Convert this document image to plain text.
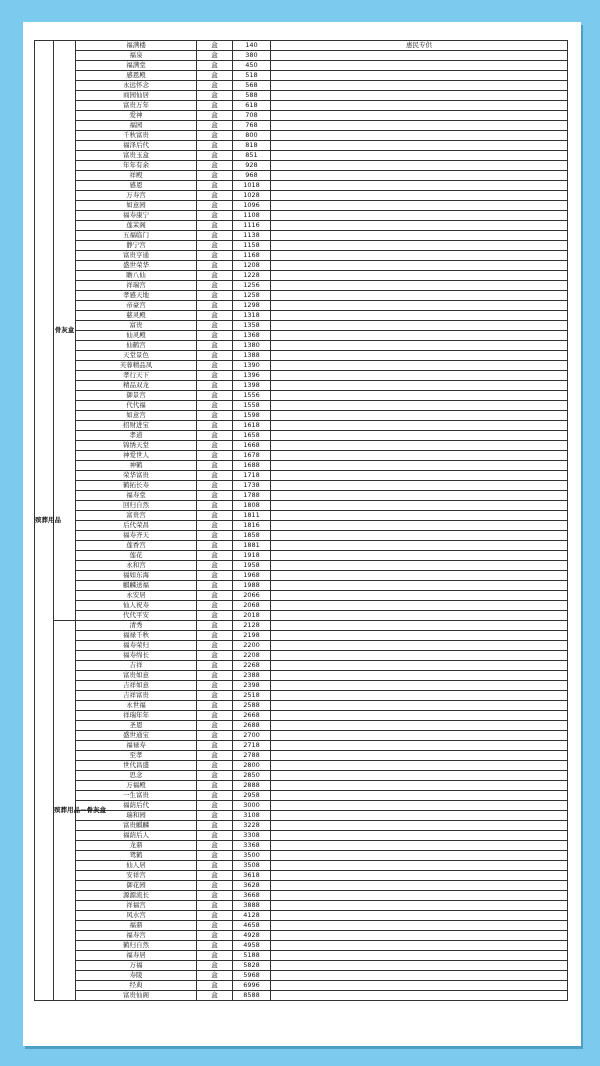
殡葬用品	骨灰盒	福满楼	盒	140	惠民专供
		福泉	盒	380	
		福满堂	盒	450	
		感恩殿	盒	518	
		永远怀念	盒	568	
		商园仙居	盒	588	
		富贵万年	盒	618	
		爱神	盒	708	
		福园	盒	768	
		千秋富贵	盒	800	
		福泽后代	盒	818	
		富贵玉盒	盒	851	
		年年有余	盒	928	
		祥殿	盒	968	
		感恩	盒	1018	
		万寿宫	盒	1028	
		如意园	盒	1096	
		福寿康宁	盒	1108	
		莲茉阁	盒	1116	
		五福临门	盒	1138	
		静宁宫	盒	1158	
		富贵亨通	盒	1168	
		盛世荣华	盒	1208	
		瞻八仙	盒	1228	
		祥瑞宫	盒	1256	
		孝感天地	盒	1258	
		帝豪宫	盒	1298	
		慈灵殿	盒	1318	
		富贵	盒	1358	
		仙灵殿	盒	1368	
		仙鹤宫	盒	1380	
		天堂景色	盒	1388	
		芙蓉精品凤	盒	1390	
		孝行天下	盒	1396	
		精品双龙	盒	1398	
		御景宫	盒	1556	
		代代福	盒	1558	
		如意宫	盒	1598	
		招财进宝	盒	1618	
		孝道	盒	1658	
		锦绣天堂	盒	1668	
		神爱世人	盒	1678	
		神鹤	盒	1688	
		荣华富贵	盒	1718	
		鹤拓长寿	盒	1738	
		福寿堂	盒	1788	
		回归自然	盒	1808	
		富贵宫	盒	1811	
		后代荣昌	盒	1816	
		福寿齐天	盒	1858	
		莲香宫	盒	1881	
		莲花	盒	1918	
		永和宫	盒	1958	
		福如东海	盒	1968	
		麒麟送福	盒	1988	
		永安居	盒	2066	
		仙人祝寿	盒	2068	
		代代平安	盒	2018	
	殡葬用品－骨灰盒	清秀	盒	2128	
		福禄千秋	盒	2198	
		福寿荣归	盒	2200	
		福寿绵长	盒	2208	
		吉祥	盒	2268	
		富贵如意	盒	2388	
		吉祥如意	盒	2398	
		吉祥富贵	盒	2518	
		永世福	盒	2588	
		祥瑞年年	盒	2668	
		圣恩	盒	2688	
		盛世通宝	盒	2700	
		福禄寿	盒	2718	
		至孝	盒	2788	
		世代昌盛	盒	2800	
		思念	盒	2850	
		万福殿	盒	2888	
		一生富贵	盒	2958	
		福荫后代	盒	3000	
		瑞和园	盒	3108	
		富贵麒麟	盒	3228	
		福荫后人	盒	3308	
		龙鼎	盒	3368	
		鸳鹤	盒	3500	
		仙人居	盒	3508	
		安祥宫	盒	3618	
		御花园	盒	3628	
		源源流长	盒	3668	
		祥福宫	盒	3888	
		风水宫	盒	4128	
		福鼎	盒	4658	
		福寿宫	盒	4928	
		鹤归自然	盒	4958	
		福寿居	盒	5188	
		万福	盒	5828	
		寿陵	盒	5968	
		经典	盒	6996	
		富贵仙阁	盒	8588	
